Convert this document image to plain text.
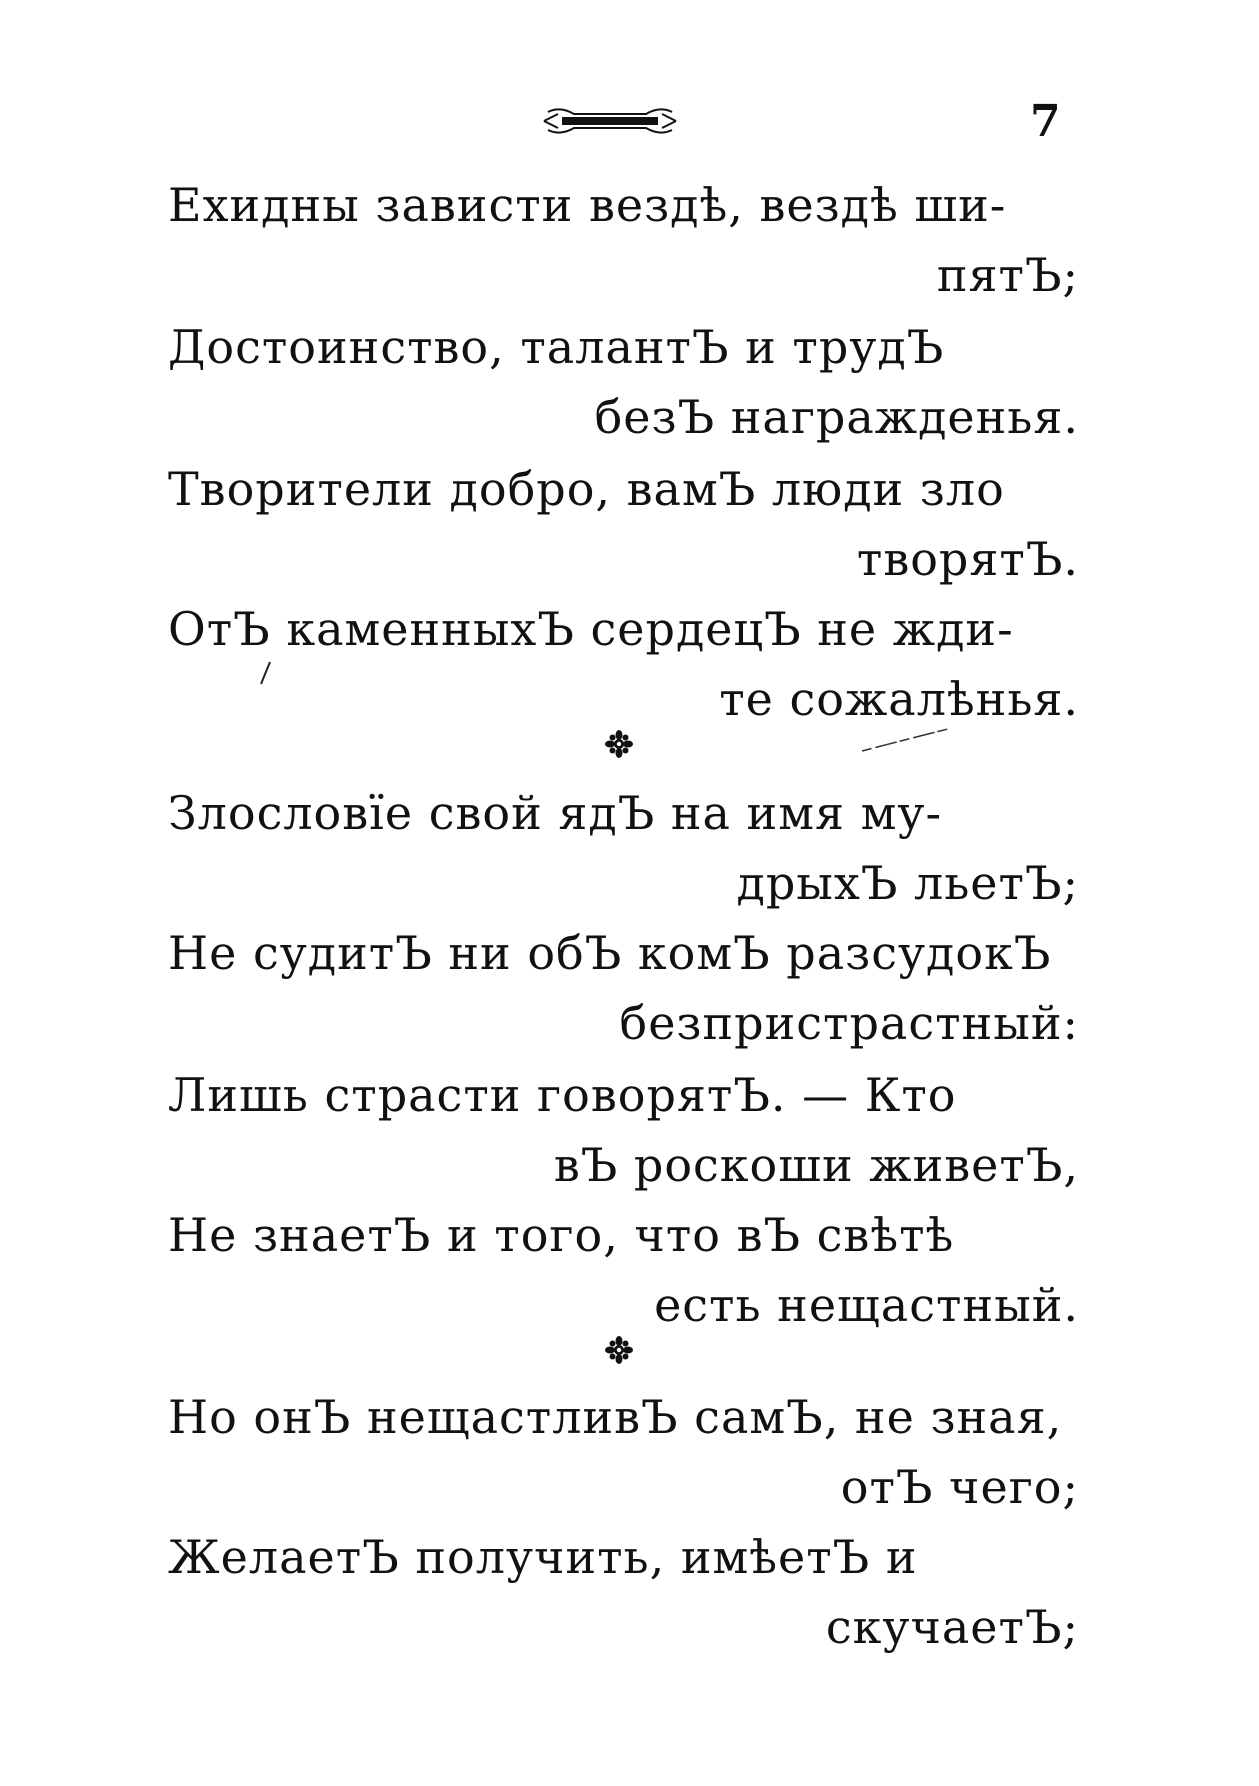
7
Ехидны зависти вездѣ, вездѣ ши-
пятЪ;
Достоинство, талантЪ и трудЪ
безЪ награжденья.
Творители добро, вамЪ люди зло
творятЪ.
ОтЪ каменныхЪ сердецЪ не жди-
те сожалѣнья.
Злословїе свой ядЪ на имя му-
дрыхЪ льетЪ;
Не судитЪ ни обЪ комЪ разсудокЪ
безпристрастный:
Лишь страсти говорятЪ. — Кто
вЪ роскоши живетЪ,
Не знаетЪ и того, что вЪ свѣтѣ
есть нещастный.
Но онЪ нещастливЪ самЪ, не зная,
отЪ чего;
ЖелаетЪ получить, имѣетЪ и
скучаетЪ;
